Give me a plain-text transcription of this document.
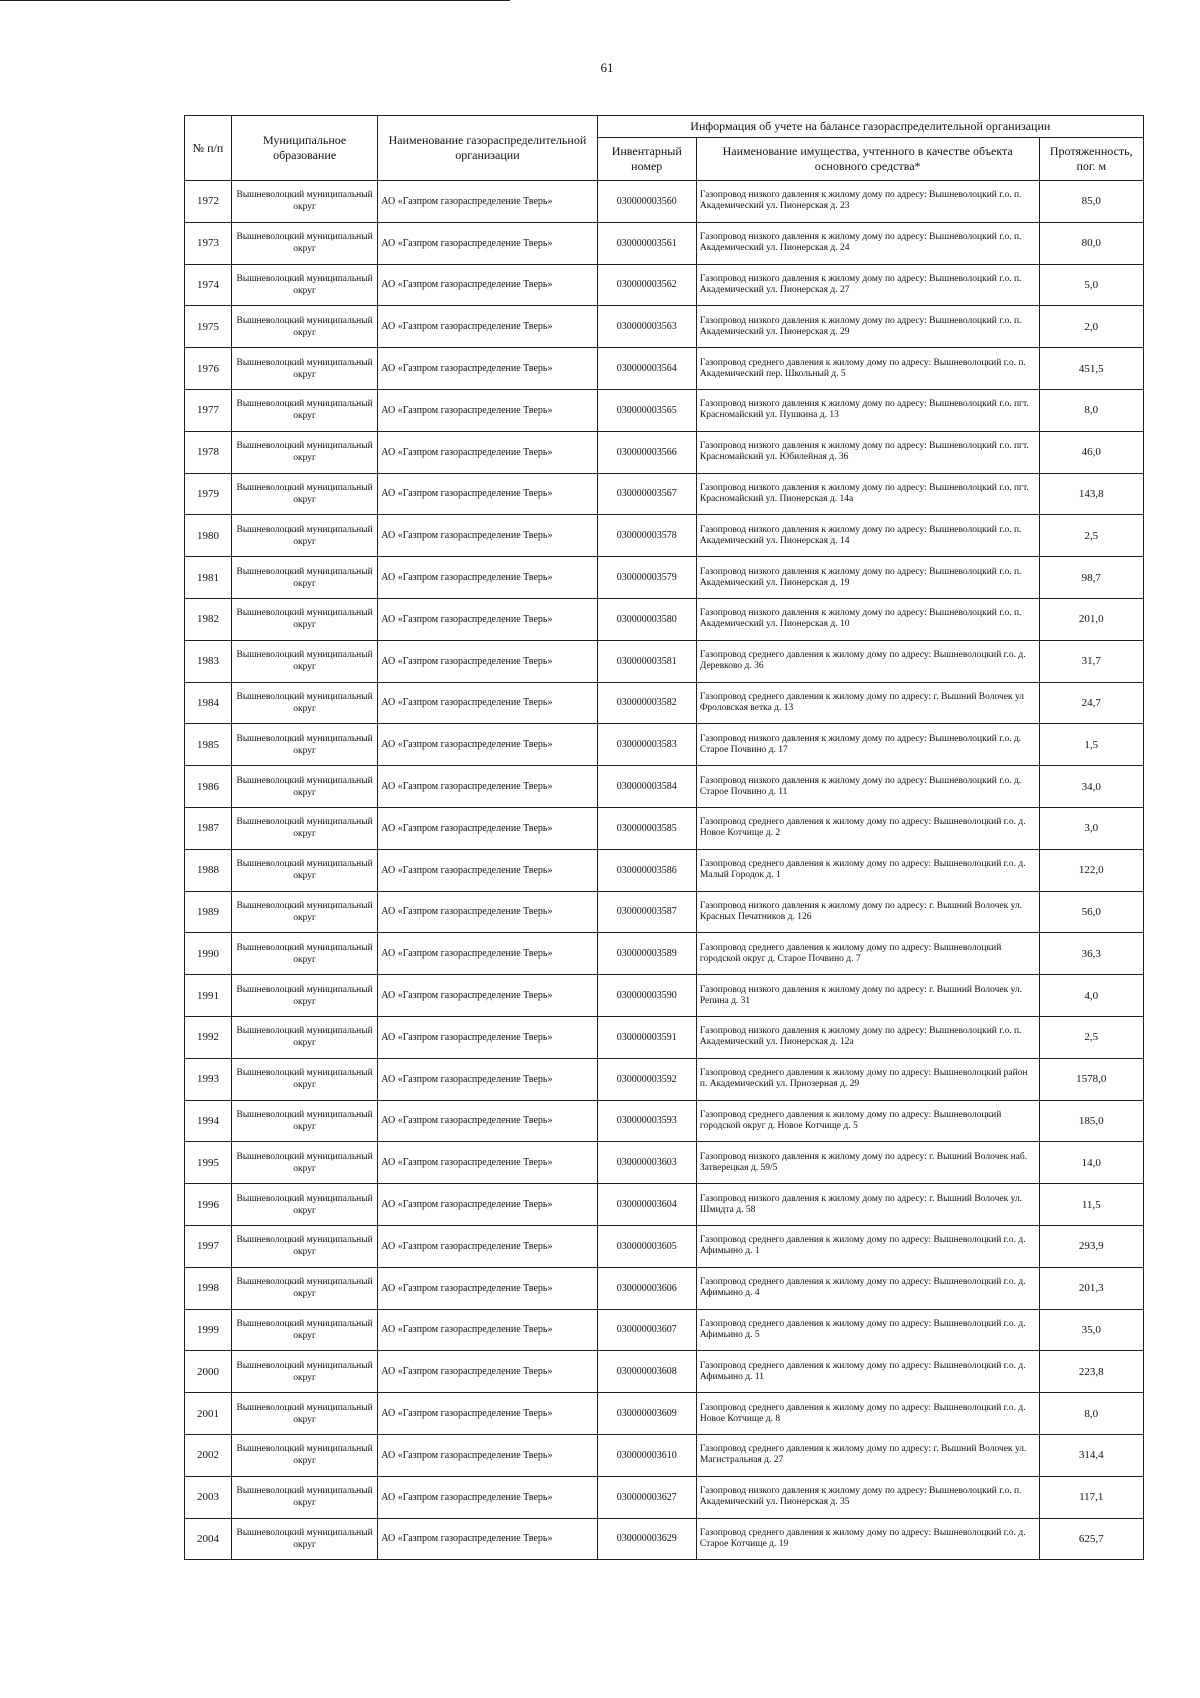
61
№ п/п	Муниципальное образование	Наименование газораспределительной организации	Информация об учете на балансе газораспределительной организации		
			Инвентарный номер	Наименование имущества, учтенного в качестве объекта основного средства*	Протяженность, пог. м
1972	Вышневолоцкий муниципальный округ	АО «Газпром газораспределение Тверь»	030000003560	Газопровод низкого давления к жилому дому по адресу: Вышневолоцкий г.о. п. Академический ул. Пионерская д. 23	85,0
1973	Вышневолоцкий муниципальный округ	АО «Газпром газораспределение Тверь»	030000003561	Газопровод низкого давления к жилому дому по адресу: Вышневолоцкий г.о. п. Академический ул. Пионерская д. 24	80,0
1974	Вышневолоцкий муниципальный округ	АО «Газпром газораспределение Тверь»	030000003562	Газопровод низкого давления к жилому дому по адресу: Вышневолоцкий г.о. п. Академический ул. Пионерская д. 27	5,0
1975	Вышневолоцкий муниципальный округ	АО «Газпром газораспределение Тверь»	030000003563	Газопровод низкого давления к жилому дому по адресу: Вышневолоцкий г.о. п. Академический ул. Пионерская д. 29	2,0
1976	Вышневолоцкий муниципальный округ	АО «Газпром газораспределение Тверь»	030000003564	Газопровод среднего давления к жилому дому по адресу: Вышневолоцкий г.о. п. Академический пер. Школьный д. 5	451,5
1977	Вышневолоцкий муниципальный округ	АО «Газпром газораспределение Тверь»	030000003565	Газопровод низкого давления к жилому дому по адресу: Вышневолоцкий г.о. пгт. Красномайский ул. Пушкина д. 13	8,0
1978	Вышневолоцкий муниципальный округ	АО «Газпром газораспределение Тверь»	030000003566	Газопровод низкого давления к жилому дому по адресу: Вышневолоцкий г.о. пгт. Красномайский ул. Юбилейная д. 36	46,0
1979	Вышневолоцкий муниципальный округ	АО «Газпром газораспределение Тверь»	030000003567	Газопровод низкого давления к жилому дому по адресу: Вышневолоцкий г.о. пгт. Красномайский ул. Пионерская д. 14а	143,8
1980	Вышневолоцкий муниципальный округ	АО «Газпром газораспределение Тверь»	030000003578	Газопровод низкого давления к жилому дому по адресу: Вышневолоцкий г.о. п. Академический ул. Пионерская д. 14	2,5
1981	Вышневолоцкий муниципальный округ	АО «Газпром газораспределение Тверь»	030000003579	Газопровод низкого давления к жилому дому по адресу: Вышневолоцкий г.о. п. Академический ул. Пионерская д. 19	98,7
1982	Вышневолоцкий муниципальный округ	АО «Газпром газораспределение Тверь»	030000003580	Газопровод низкого давления к жилому дому по адресу: Вышневолоцкий г.о. п. Академический ул. Пионерская д. 10	201,0
1983	Вышневолоцкий муниципальный округ	АО «Газпром газораспределение Тверь»	030000003581	Газопровод среднего давления к жилому дому по адресу: Вышневолоцкий г.о. д. Деревково д. 36	31,7
1984	Вышневолоцкий муниципальный округ	АО «Газпром газораспределение Тверь»	030000003582	Газопровод среднего давления к жилому дому по адресу: г. Вышний Волочек ул Фроловская ветка д. 13	24,7
1985	Вышневолоцкий муниципальный округ	АО «Газпром газораспределение Тверь»	030000003583	Газопровод низкого давления к жилому дому по адресу: Вышневолоцкий г.о. д. Старое Почвино д. 17	1,5
1986	Вышневолоцкий муниципальный округ	АО «Газпром газораспределение Тверь»	030000003584	Газопровод низкого давления к жилому дому по адресу: Вышневолоцкий г.о. д. Старое Почвино д. 11	34,0
1987	Вышневолоцкий муниципальный округ	АО «Газпром газораспределение Тверь»	030000003585	Газопровод среднего давления к жилому дому по адресу: Вышневолоцкий г.о. д. Новое Котчище д. 2	3,0
1988	Вышневолоцкий муниципальный округ	АО «Газпром газораспределение Тверь»	030000003586	Газопровод среднего давления к жилому дому по адресу: Вышневолоцкий г.о. д. Малый Городок д. 1	122,0
1989	Вышневолоцкий муниципальный округ	АО «Газпром газораспределение Тверь»	030000003587	Газопровод низкого давления к жилому дому по адресу: г. Вышний Волочек ул. Красных Печатников д. 126	56,0
1990	Вышневолоцкий муниципальный округ	АО «Газпром газораспределение Тверь»	030000003589	Газопровод среднего давления к жилому дому по адресу: Вышневолоцкий городской округ д. Старое Почвино д. 7	36,3
1991	Вышневолоцкий муниципальный округ	АО «Газпром газораспределение Тверь»	030000003590	Газопровод низкого давления к жилому дому по адресу: г. Вышний Волочек ул. Репина д. 31	4,0
1992	Вышневолоцкий муниципальный округ	АО «Газпром газораспределение Тверь»	030000003591	Газопровод низкого давления к жилому дому по адресу: Вышневолоцкий г.о. п. Академический ул. Пионерская д. 12а	2,5
1993	Вышневолоцкий муниципальный округ	АО «Газпром газораспределение Тверь»	030000003592	Газопровод среднего давления к жилому дому по адресу: Вышневолоцкий район п. Академический ул. Приозерная д. 29	1578,0
1994	Вышневолоцкий муниципальный округ	АО «Газпром газораспределение Тверь»	030000003593	Газопровод среднего давления к жилому дому по адресу: Вышневолоцкий городской округ д. Новое Котчище д. 5	185,0
1995	Вышневолоцкий муниципальный округ	АО «Газпром газораспределение Тверь»	030000003603	Газопровод низкого давления к жилому дому по адресу: г. Вышний Волочек наб. Затверецкая д. 59/5	14,0
1996	Вышневолоцкий муниципальный округ	АО «Газпром газораспределение Тверь»	030000003604	Газопровод низкого давления к жилому дому по адресу: г. Вышний Волочек ул. Шмидта д. 58	11,5
1997	Вышневолоцкий муниципальный округ	АО «Газпром газораспределение Тверь»	030000003605	Газопровод среднего давления к жилому дому по адресу: Вышневолоцкий г.о. д. Афимьино д. 1	293,9
1998	Вышневолоцкий муниципальный округ	АО «Газпром газораспределение Тверь»	030000003606	Газопровод среднего давления к жилому дому по адресу: Вышневолоцкий г.о. д. Афимьино д. 4	201,3
1999	Вышневолоцкий муниципальный округ	АО «Газпром газораспределение Тверь»	030000003607	Газопровод среднего давления к жилому дому по адресу: Вышневолоцкий г.о. д. Афимьино д. 5	35,0
2000	Вышневолоцкий муниципальный округ	АО «Газпром газораспределение Тверь»	030000003608	Газопровод среднего давления к жилому дому по адресу: Вышневолоцкий г.о. д. Афимьино д. 11	223,8
2001	Вышневолоцкий муниципальный округ	АО «Газпром газораспределение Тверь»	030000003609	Газопровод среднего давления к жилому дому по адресу: Вышневолоцкий г.о. д. Новое Котчище д. 8	8,0
2002	Вышневолоцкий муниципальный округ	АО «Газпром газораспределение Тверь»	030000003610	Газопровод среднего давления к жилому дому по адресу: г. Вышний Волочек ул. Магистральная д. 27	314,4
2003	Вышневолоцкий муниципальный округ	АО «Газпром газораспределение Тверь»	030000003627	Газопровод низкого давления к жилому дому по адресу: Вышневолоцкий г.о. п. Академический ул. Пионерская д. 35	117,1
2004	Вышневолоцкий муниципальный округ	АО «Газпром газораспределение Тверь»	030000003629	Газопровод среднего давления к жилому дому по адресу: Вышневолоцкий г.о. д. Старое Котчище д. 19	625,7
